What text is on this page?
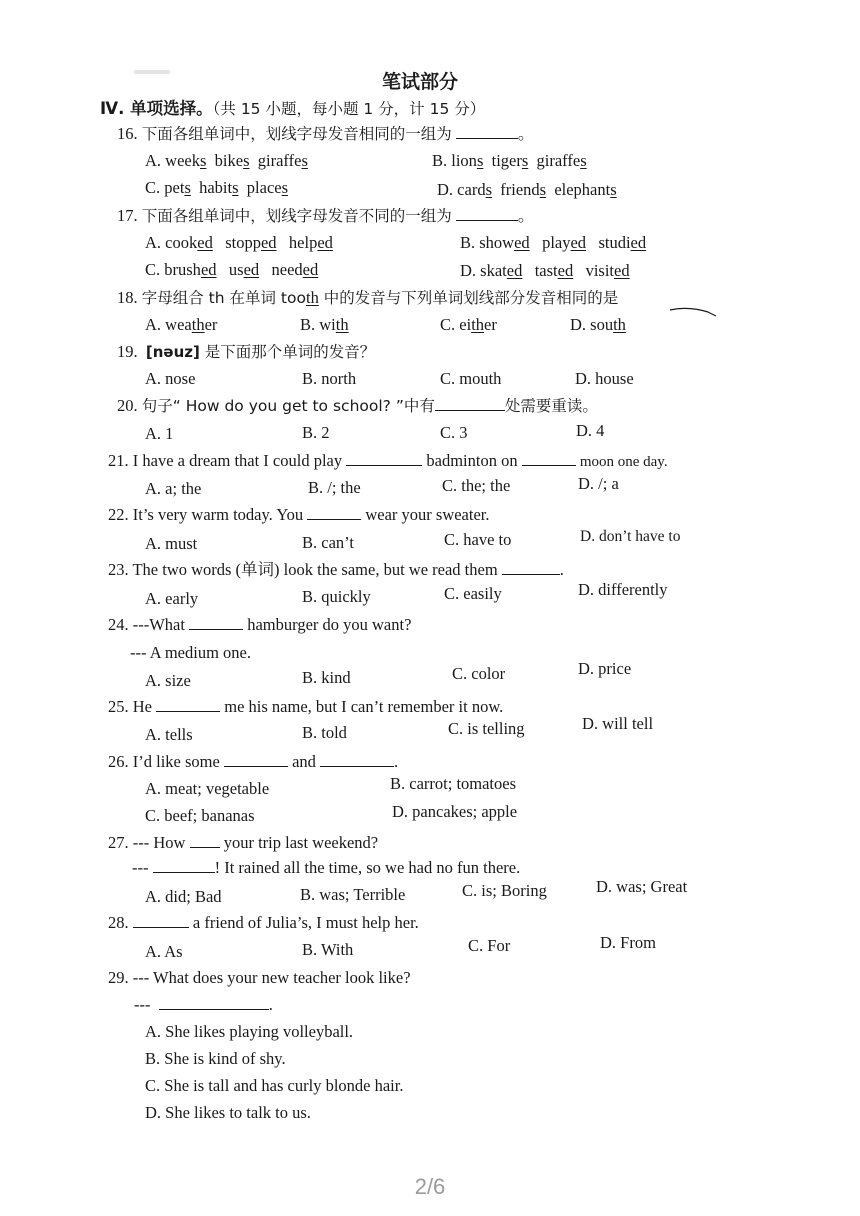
笔试部分
Ⅳ. 单项选择。（共 15 小题，每小题 1 分，计 15 分）
16. 下面各组单词中，划线字母发音相同的一组为	。
A. weeks bikes giraffes	B. lions tigers giraffes
C. pets habits places	D. cards friends elephants
17. 下面各组单词中，划线字母发音不同的一组为	。
A. cooked stopped helped	B. showed played studied
C. brushed used needed	D. skated tasted visited
18. 字母组合 th 在单词 tooth 中的发音与下列单词划线部分发音相同的是
A. weather	B. with	C. either	D. south
19. [nəuz] 是下面那个单词的发音？
A. nose	B. north	C. mouth	D. house
20. 句子“ How do you get to school? ”中有	处需要重读。
A. 1	B. 2	C. 3	D. 4
21. I have a dream that I could play	badminton on	moon one day.
A. a; the	B. /; the	C. the; the	D. /; a
22. It’s very warm today. You	wear your sweater.
A. must	B. can’t	C. have to	D. don’t have to
23. The two words (单词) look the same, but we read them	.
A. early	B. quickly	C. easily	D. differently
24. ---What	hamburger do you want?
--- A medium one.
A. size	B. kind	C. color	D. price
25. He	me his name, but I can’t remember it now.
A. tells	B. told	C. is telling	D. will tell
26. I’d like some	and	.
A. meat; vegetable	B. carrot; tomatoes
C. beef; bananas	D. pancakes; apple
27. --- How your trip last weekend?
---	! It rained all the time, so we had no fun there.
A. did; Bad	B. was; Terrible	C. is; Boring	D. was; Great
28.	a friend of Julia’s, I must help her.
A. As	B. With	C. For	D. From
29. --- What does your new teacher look like?
---	.
A. She likes playing volleyball.
B. She is kind of shy.
C. She is tall and has curly blonde hair.
D. She likes to talk to us.
2/6
